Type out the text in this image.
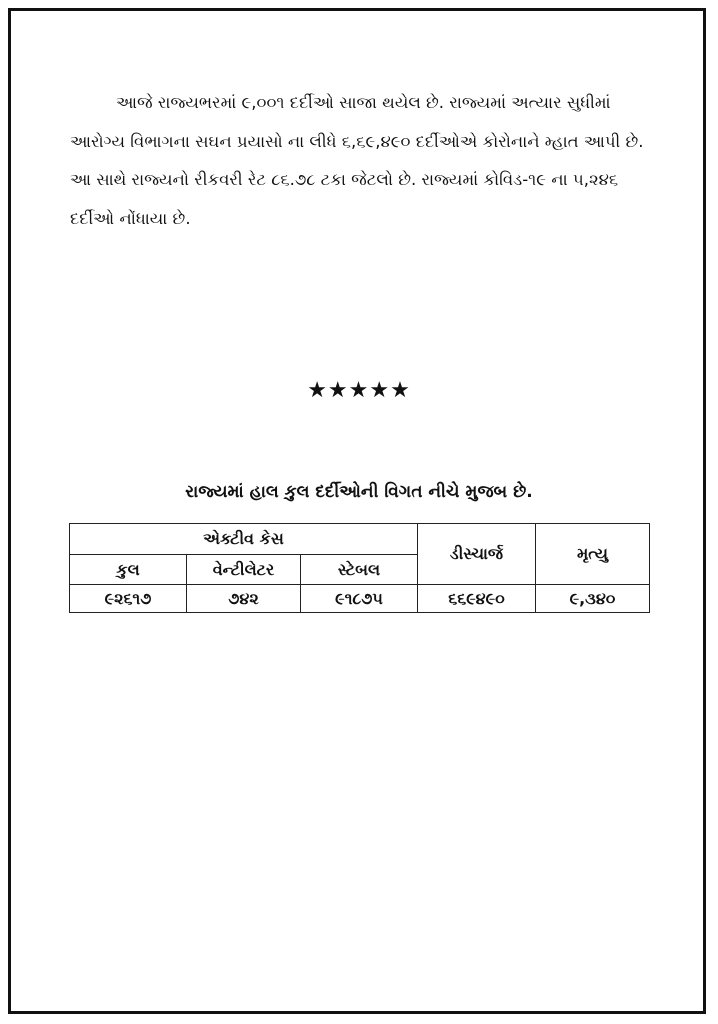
આજે રાજ્યભરમાં ૯,૦૦૧ દર્દીઓ સાજા થયેલ છે. રાજ્યમાં અત્યાર સુધીમાં આરોગ્ય વિભાગના સઘન પ્રયાસો ના લીધે ૬,૬૯,૪૯૦ દર્દીઓએ કોરોનાને મ્હાત આપી છે. આ સાથે રાજ્યનો રીકવરી રેટ ૮૬.૭૮ ટકા જેટલો છે. રાજ્યમાં કોવિડ-૧૯ ના ૫,૨૪૬ દર્દીઓ નોંધાયા છે.

★★★★★
રાજ્યમાં હાલ કુલ દર્દીઓની વિગત નીચે મુજબ છે.
એક્ટીવ કેસ			ડીસ્ચાર્જ	મૃત્યુ
કુલ	વેન્ટીલેટર	સ્ટેબલ		
૯૨૬૧૭	૭૪૨	૯૧૮૭૫	૬૬૯૪૯૦	૯,૩૪૦
